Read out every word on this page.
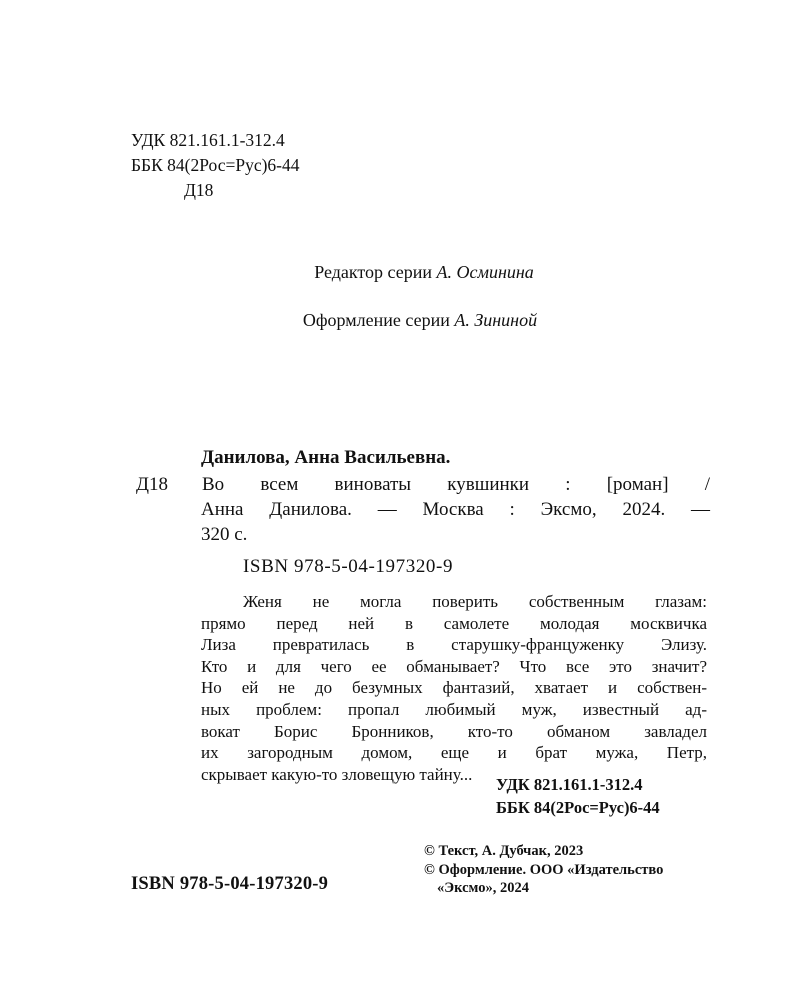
УДК 821.161.1-312.4
ББК 84(2Рос=Рус)6-44
Д18
Редактор серии А. Осминина
Оформление серии А. Зининой
Данилова, Анна Васильевна.
Д18 Во всем виноваты кувшинки : [роман] /
Анна Данилова. — Москва : Эксмо, 2024. —
320 с.
ISBN 978-5-04-197320-9
Женя не могла поверить собственным глазам:
прямо перед ней в самолете молодая москвичка
Лиза превратилась в старушку-француженку Элизу.
Кто и для чего ее обманывает? Что все это значит?
Но ей не до безумных фантазий, хватает и собствен-
ных проблем: пропал любимый муж, известный ад-
вокат Борис Бронников, кто-то обманом завладел
их загородным домом, еще и брат мужа, Петр,
скрывает какую-то зловещую тайну...
УДК 821.161.1-312.4
ББК 84(2Рос=Рус)6-44
ISBN 978-5-04-197320-9
© Текст, А. Дубчак, 2023
© Оформление. ООО «Издательство
«Эксмо», 2024
